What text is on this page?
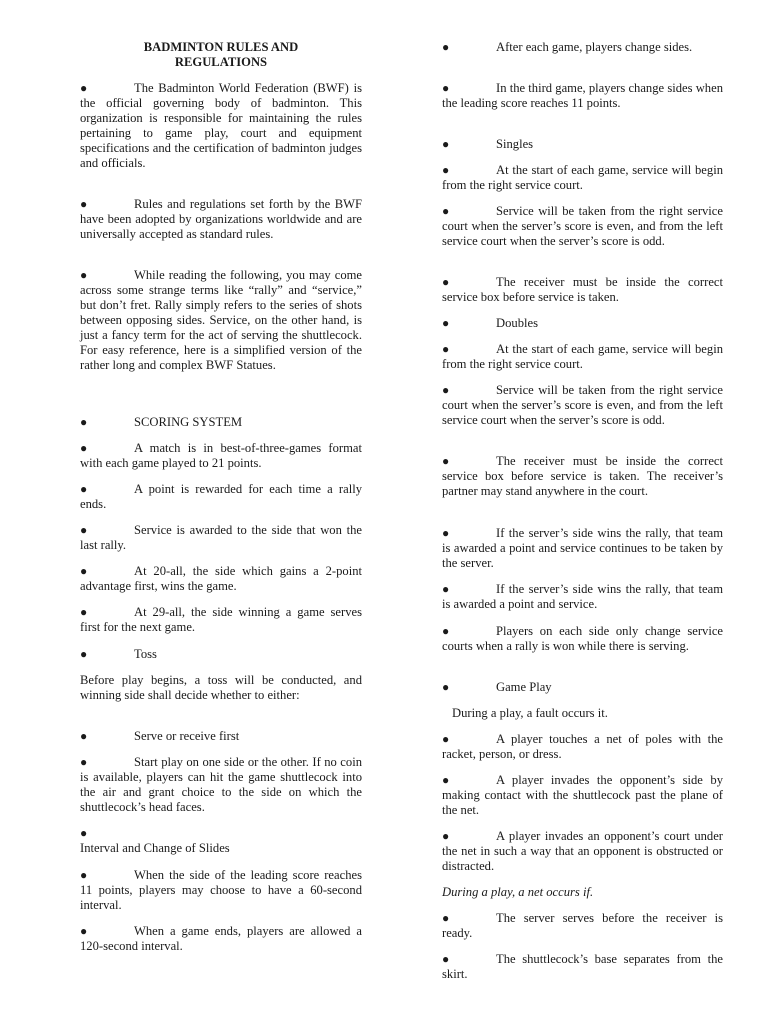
BADMINTON RULES AND
REGULATIONS

●	The Badminton World Federation (BWF) is the official governing body of badminton. This organization is responsible for maintaining the rules pertaining to game play, court and equipment specifications and the certification of badminton judges and officials.

●	Rules and regulations set forth by the BWF have been adopted by organizations worldwide and are universally accepted as standard rules.

●	While reading the following, you may come across some strange terms like “rally” and “service,” but don’t fret. Rally simply refers to the series of shots between opposing sides. Service, on the other hand, is just a fancy term for the act of serving the shuttlecock. For easy reference, here is a simplified version of the rather long and complex BWF Statues.

●	SCORING SYSTEM

●	A match is in best-of-three-games format with each game played to 21 points.

●	A point is rewarded for each time a rally ends.

●	Service is awarded to the side that won the last rally.

●	At 20-all, the side which gains a 2-point advantage first, wins the game.

●	At 29-all, the side winning a game serves first for the next game.

●	Toss

Before play begins, a toss will be conducted, and winning side shall decide whether to either:

●	Serve or receive first

●	Start play on one side or the other. If no coin is available, players can hit the game shuttlecock into the air and grant choice to the side on which the shuttlecock’s head faces.

●

Interval and Change of Slides

●	When the side of the leading score reaches 11 points, players may choose to have a 60-second interval.

●	When a game ends, players are allowed a 120-second interval.

●	After each game, players change sides.

●	In the third game, players change sides when the leading score reaches 11 points.

●	Singles

●	At the start of each game, service will begin from the right service court.

●	Service will be taken from the right service court when the server’s score is even, and from the left service court when the server’s score is odd.

●	The receiver must be inside the correct service box before service is taken.

●	Doubles

●	At the start of each game, service will begin from the right service court.

●	Service will be taken from the right service court when the server’s score is even, and from the left service court when the server’s score is odd.

●	The receiver must be inside the correct service box before service is taken. The receiver’s partner may stand anywhere in the court.

●	If the server’s side wins the rally, that team is awarded a point and service continues to be taken by the server.

●	If the server’s side wins the rally, that team is awarded a point and service.

●	Players on each side only change service courts when a rally is won while there is serving.

●	Game Play

During a play, a fault occurs it.

●	A player touches a net of poles with the racket, person, or dress.

●	A player invades the opponent’s side by making contact with the shuttlecock past the plane of the net.

●	A player invades an opponent’s court under the net in such a way that an opponent is obstructed or distracted.

During a play, a net occurs if.

●	The server serves before the receiver is ready.

●	The shuttlecock’s base separates from the skirt.
